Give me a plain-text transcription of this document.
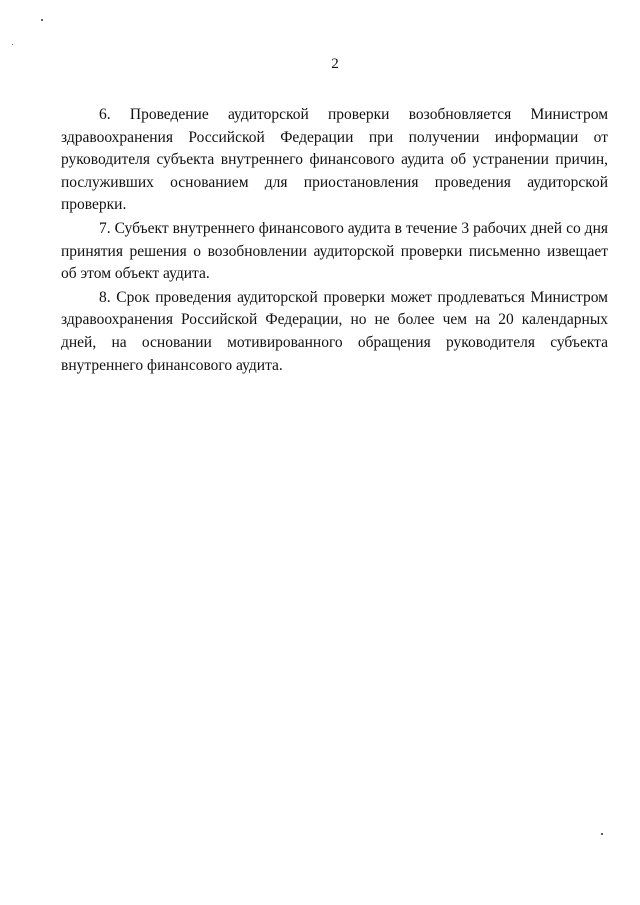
2

6. Проведение аудиторской проверки возобновляется Министром здравоохранения Российской Федерации при получении информации от руководителя субъекта внутреннего финансового аудита об устранении причин, послуживших основанием для приостановления проведения аудиторской проверки.

7. Субъект внутреннего финансового аудита в течение 3 рабочих дней со дня принятия решения о возобновлении аудиторской проверки письменно извещает об этом объект аудита.

8. Срок проведения аудиторской проверки может продлеваться Министром здравоохранения Российской Федерации, но не более чем на 20 календарных дней, на основании мотивированного обращения руководителя субъекта внутреннего финансового аудита.
